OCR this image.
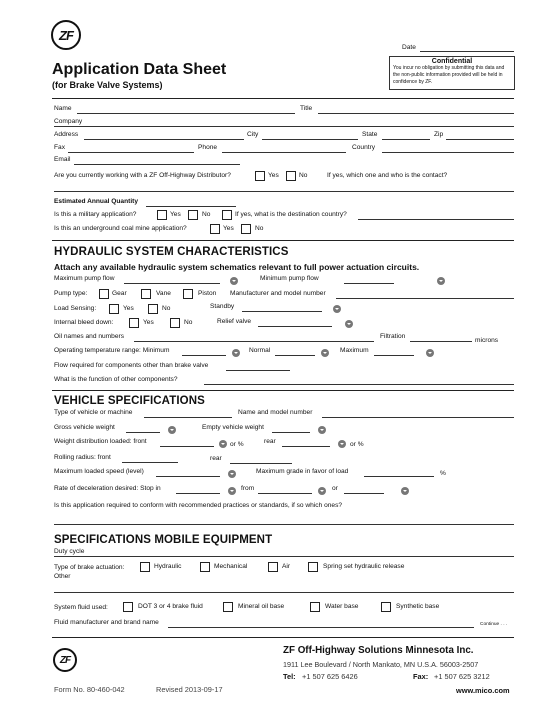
ZF
Date
Application Data Sheet
(for Brake Valve Systems)
Confidential
You incur no obligation by submitting this data and the non-public information provided will be held in confidence by ZF.
Name	Title
Company
Address	City	State	Zip
Fax	Phone	Country
Email
Are you currently working with a ZF Off-Highway Distributor?	Yes	No	If yes, which one and who is the contact?
Estimated Annual Quantity
Is this a military application?	Yes	No	If yes, what is the destination country?
Is this an underground coal mine application?	Yes	No
HYDRAULIC SYSTEM CHARACTERISTICS
Attach any available hydraulic system schematics relevant to full power actuation circuits.
Maximum pump flow	Minimum pump flow
Pump type:	Gear	Vane	Piston Manufacturer and model number
Load Sensing:	Yes	No	Standby
Internal bleed down:	Yes	No	Relief valve
Oil names and numbers	Filtration
microns
Operating temperature range: Minimum	Normal	Maximum
Flow required for components other than brake valve
What is the function of other components?
VEHICLE SPECIFICATIONS
Type of vehicle or machine	Name and model number
Gross vehicle weight	Empty vehicle weight
Weight distribution loaded: front	or %	rear	or %
Rolling radius: front	rear
Maximum loaded speed (level)	Maximum grade in favor of load	%
Rate of deceleration desired: Stop in	from	or
Is this application required to conform with recommended practices or standards, if so which ones?
SPECIFICATIONS MOBILE EQUIPMENT
Duty cycle
Type of brake actuation:
Other
Hydraulic	Mechanical	Air	Spring set hydraulic release
System fluid used:	DOT 3 or 4 brake fluid	Mineral oil base	Water base	Synthetic base
Fluid manufacturer and brand name	Continue . . .
ZF
ZF Off-Highway Solutions Minnesota Inc.
1911 Lee Boulevard / North Mankato, MN U.S.A. 56003-2507
Tel: +1 507 625 6426	Fax: +1 507 625 3212
Form No. 80-460-042	Revised 2013-09-17	www.mico.com
